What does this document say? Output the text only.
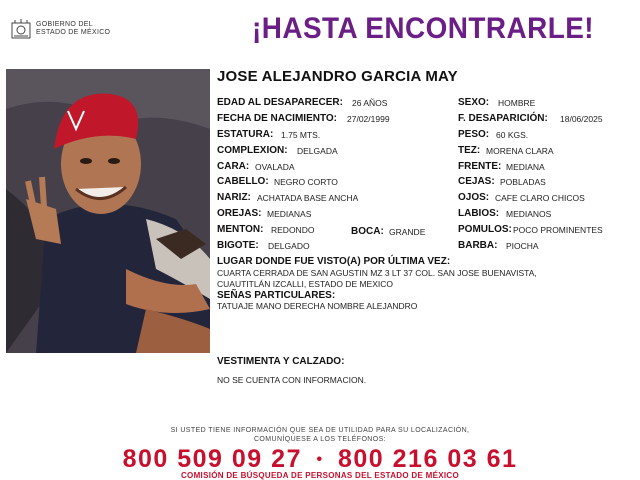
GOBIERNO DEL
ESTADO DE MÉXICO	¡HASTA ENCONTRARLE!
JOSE ALEJANDRO GARCIA MAY
EDAD AL DESAPARECER: 26 AÑOS
FECHA DE NACIMIENTO: 27/02/1999
ESTATURA: 1.75 MTS.
COMPLEXION: DELGADA
CARA: OVALADA
CABELLO: NEGRO CORTO
NARIZ: ACHATADA BASE ANCHA
OREJAS: MEDIANAS
MENTON: REDONDO
BIGOTE: DELGADO
BOCA: GRANDE
SEXO: HOMBRE
F. DESAPARICIÓN: 18/06/2025
PESO: 60 KGS.
TEZ: MORENA CLARA
FRENTE: MEDIANA
CEJAS: POBLADAS
OJOS: CAFE CLARO CHICOS
LABIOS: MEDIANOS
POMULOS: POCO PROMINENTES
BARBA: PIOCHA
LUGAR DONDE FUE VISTO(A) POR ÚLTIMA VEZ:
CUARTA CERRADA DE SAN AGUSTIN MZ 3 LT 37 COL. SAN JOSE BUENAVISTA,
CUAUTITLÁN IZCALLI, ESTADO DE MEXICO
SEÑAS PARTICULARES:
TATUAJE MANO DERECHA NOMBRE ALEJANDRO
VESTIMENTA Y CALZADO:
NO SE CUENTA CON INFORMACION.
SI USTED TIENE INFORMACIÓN QUE SEA DE UTILIDAD PARA SU LOCALIZACIÓN,
COMUNÍQUESE A LOS TELÉFONOS:
800 509 09 27 • 800 216 03 61
COMISIÓN DE BÚSQUEDA DE PERSONAS DEL ESTADO DE MÉXICO
